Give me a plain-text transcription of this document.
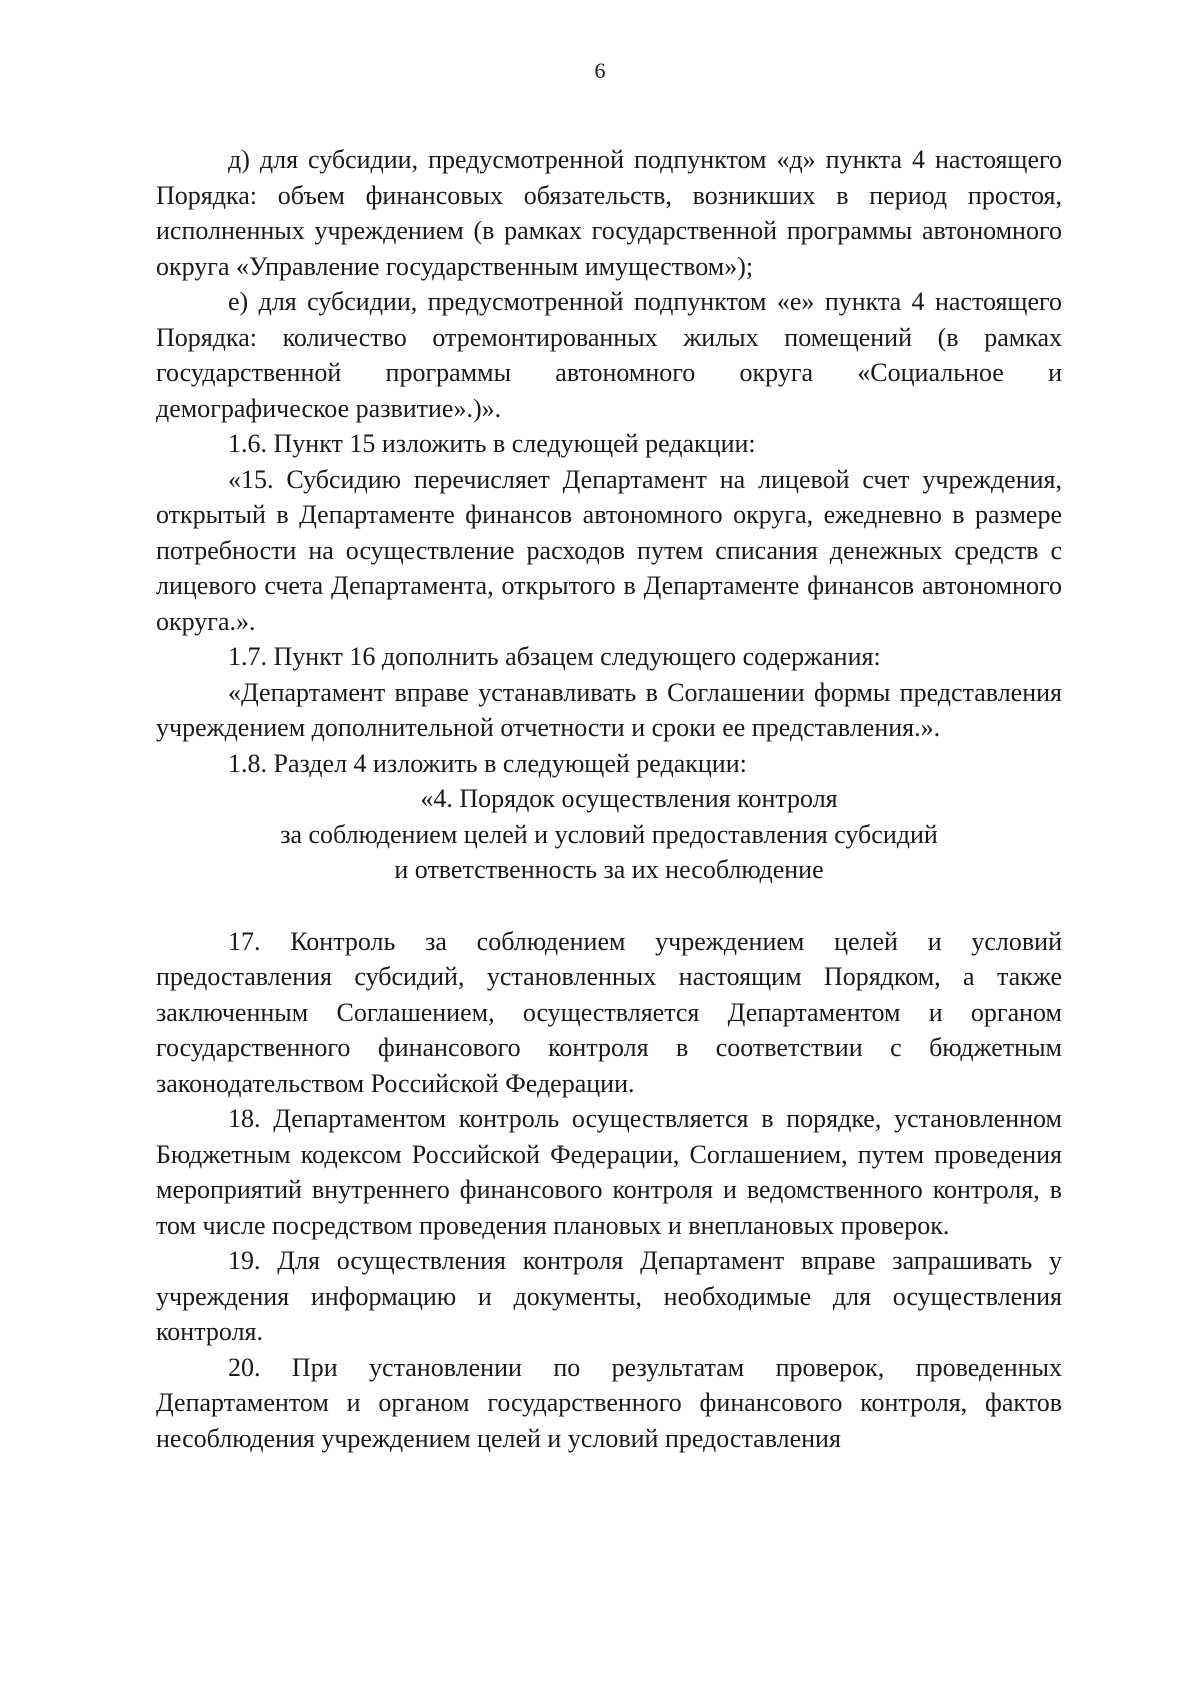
6

д) для субсидии, предусмотренной подпунктом «д» пункта 4 настоящего Порядка: объем финансовых обязательств, возникших в период простоя, исполненных учреждением (в рамках государственной программы автономного округа «Управление государственным имуществом»);

е) для субсидии, предусмотренной подпунктом «е» пункта 4 настоящего Порядка: количество отремонтированных жилых помещений (в рамках государственной программы автономного округа «Социальное и демографическое развитие».)».

1.6. Пункт 15 изложить в следующей редакции:

«15. Субсидию перечисляет Департамент на лицевой счет учреждения, открытый в Департаменте финансов автономного округа, ежедневно в размере потребности на осуществление расходов путем списания денежных средств с лицевого счета Департамента, открытого в Департаменте финансов автономного округа.».

1.7. Пункт 16 дополнить абзацем следующего содержания:

«Департамент вправе устанавливать в Соглашении формы представления учреждением дополнительной отчетности и сроки ее представления.».

1.8. Раздел 4 изложить в следующей редакции:

«4. Порядок осуществления контроля

за соблюдением целей и условий предоставления субсидий

и ответственность за их несоблюдение

17. Контроль за соблюдением учреждением целей и условий предоставления субсидий, установленных настоящим Порядком, а также заключенным Соглашением, осуществляется Департаментом и органом государственного финансового контроля в соответствии с бюджетным законодательством Российской Федерации.

18. Департаментом контроль осуществляется в порядке, установленном Бюджетным кодексом Российской Федерации, Соглашением, путем проведения мероприятий внутреннего финансового контроля и ведомственного контроля, в том числе посредством проведения плановых и внеплановых проверок.

19. Для осуществления контроля Департамент вправе запрашивать у учреждения информацию и документы, необходимые для осуществления контроля.

20. При установлении по результатам проверок, проведенных Департаментом и органом государственного финансового контроля, фактов несоблюдения учреждением целей и условий предоставления
